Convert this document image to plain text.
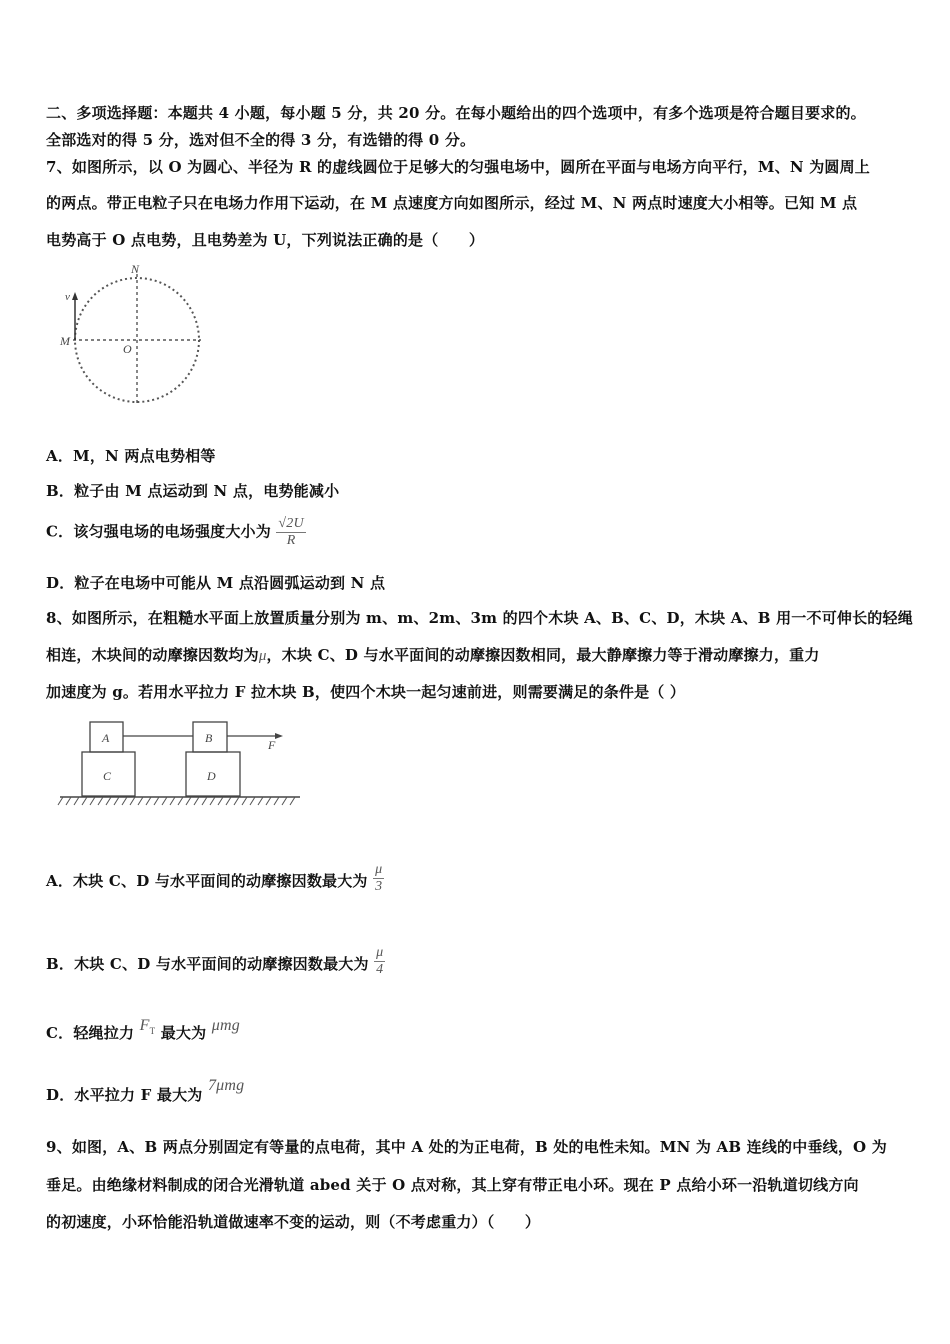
二、多项选择题：本题共 4 小题，每小题 5 分，共 20 分。在每小题给出的四个选项中，有多个选项是符合题目要求的。
全部选对的得 5 分，选对但不全的得 3 分，有选错的得 0 分。
7、如图所示，以 O 为圆心、半径为 R 的虚线圆位于足够大的匀强电场中，圆所在平面与电场方向平行，M、N 为圆周上
的两点。带正电粒子只在电场力作用下运动，在 M 点速度方向如图所示，经过 M、N 两点时速度大小相等。已知 M 点
电势高于 O 点电势，且电势差为 U，下列说法正确的是（　　）
v
M
N
O
A．M，N 两点电势相等
B．粒子由 M 点运动到 N 点，电势能减小
C．该匀强电场的电场强度大小为 $\frac{√2U}{R}$
D．粒子在电场中可能从 M 点沿圆弧运动到 N 点
8、如图所示，在粗糙水平面上放置质量分别为 m、m、2m、3m 的四个木块 A、B、C、D，木块 A、B 用一不可伸长的轻绳
相连，木块间的动摩擦因数均为μ，木块 C、D 与水平面间的动摩擦因数相同，最大静摩擦力等于滑动摩擦力，重力
加速度为 g。若用水平拉力 F 拉木块 B，使四个木块一起匀速前进，则需要满足的条件是（ ）
A	B
C	D
F
A．木块 C、D 与水平面间的动摩擦因数最大为 $\frac{\mu}{3}$
B．木块 C、D 与水平面间的动摩擦因数最大为 $\frac{\mu}{4}$
C．轻绳拉力 $F_T$ 最大为 μmg
D．水平拉力 F 最大为 7μmg
9、如图，A、B 两点分别固定有等量的点电荷，其中 A 处的为正电荷，B 处的电性未知。MN 为 AB 连线的中垂线，O 为
垂足。由绝缘材料制成的闭合光滑轨道 abed 关于 O 点对称，其上穿有带正电小环。现在 P 点给小环一沿轨道切线方向
的初速度，小环恰能沿轨道做速率不变的运动，则（不考虑重力）（　　）
